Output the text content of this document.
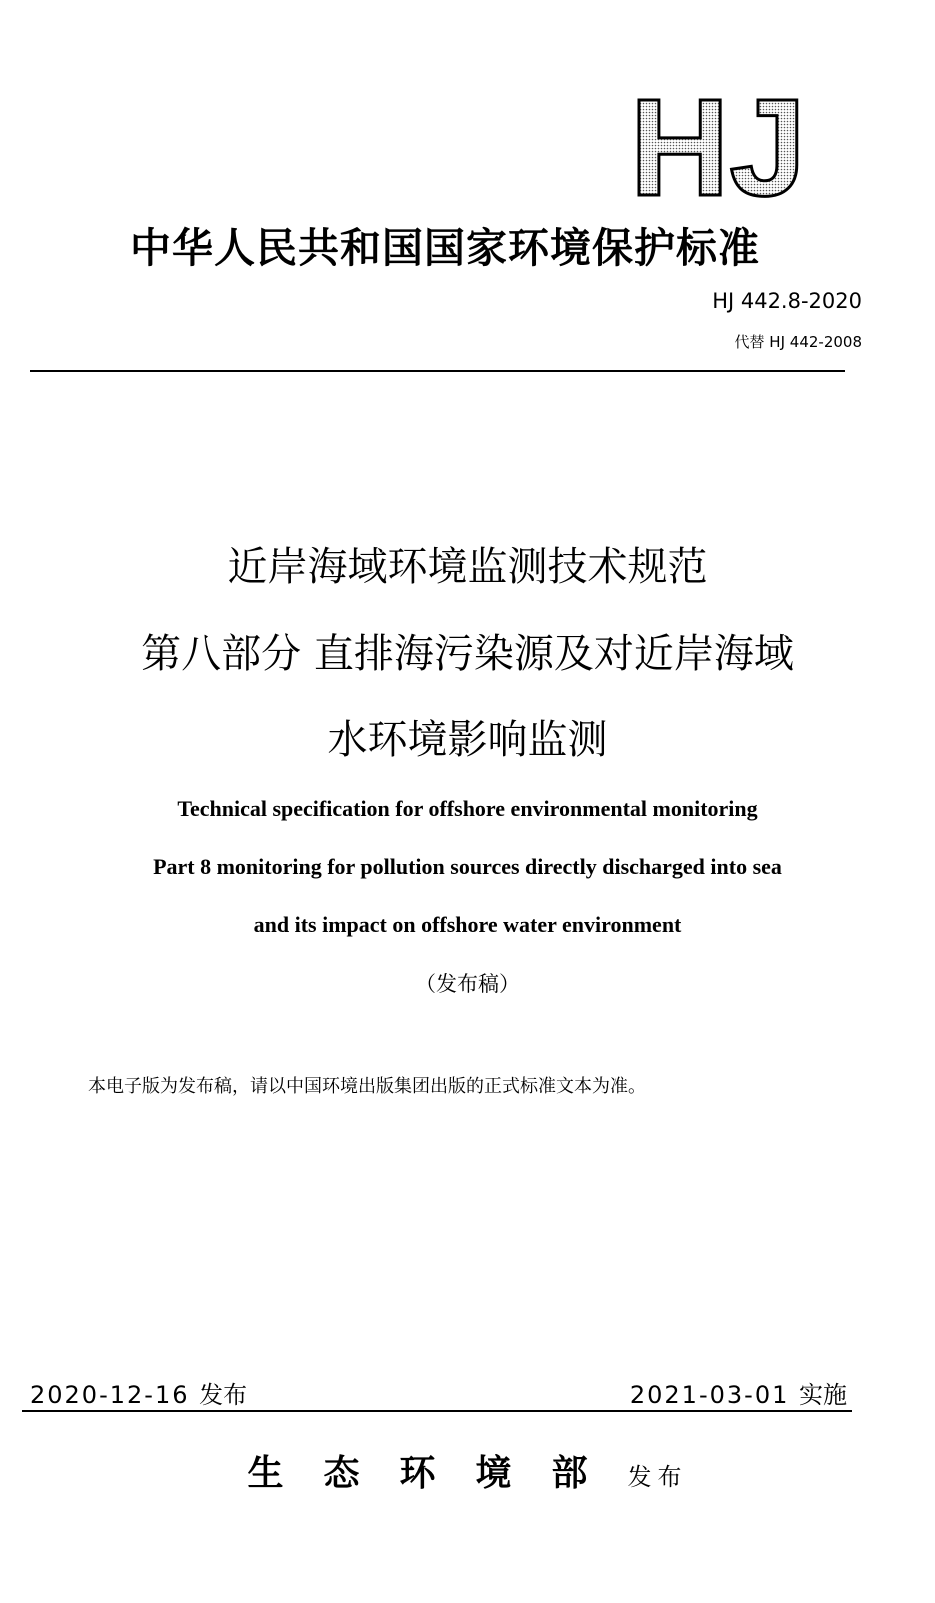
HJ
中华人民共和国国家环境保护标准
HJ 442.8-2020
代替 HJ 442-2008
近岸海域环境监测技术规范
第八部分 直排海污染源及对近岸海域
水环境影响监测
Technical specification for offshore environmental monitoring
Part 8 monitoring for pollution sources directly discharged into sea
and its impact on offshore water environment
（发布稿）
本电子版为发布稿，请以中国环境出版集团出版的正式标准文本为准。
2020-12-16 发布	2021-03-01 实施
生态环境部发布
